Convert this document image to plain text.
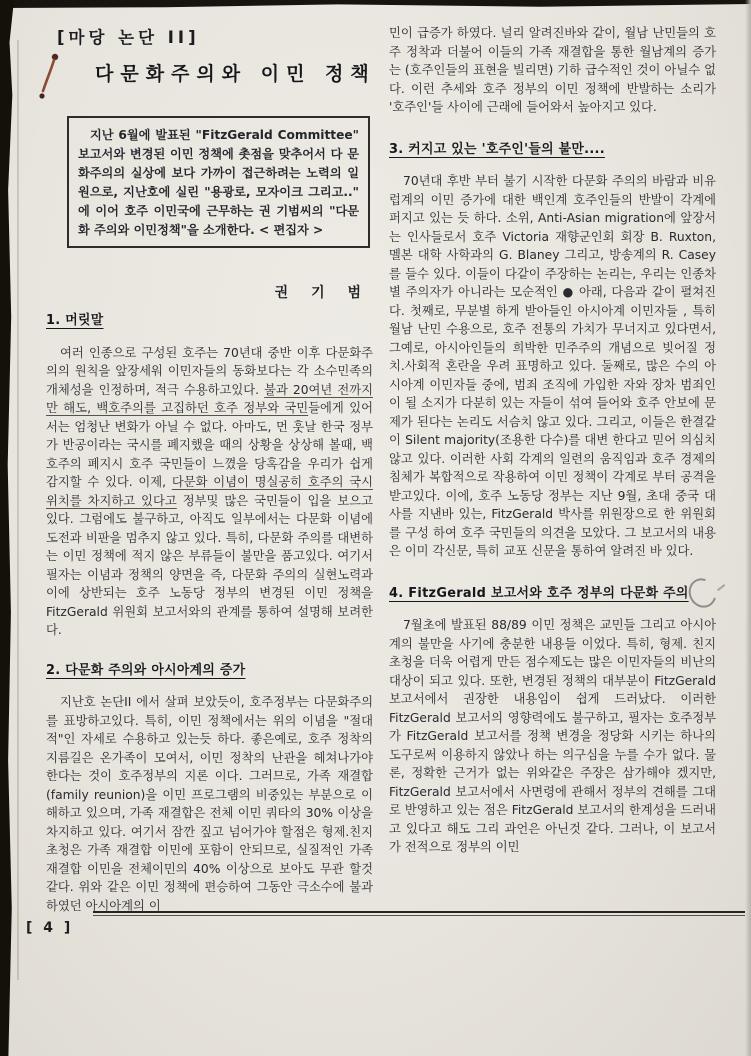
[마당 논단 II]
다문화주의와 이민 정책

지난 6월에 발표된 "FitzGerald Committee" 보고서와 변경된 이민 정책에 촛점을 맞추어서 다 문화주의의 실상에 보다 가까이 접근하려는 노력의 일원으로, 지난호에 실린 "용광로, 모자이크 그리고.." 에 이어 호주 이민국에 근무하는 권 기범씨의 "다문화 주의와 이민정책"을 소개한다. < 편집자 >

권 기 범
1. 머릿말

여러 인종으로 구성된 호주는 70년대 중반 이후 다문화주의의 원칙을 앞장세워 이민자들의 동화보다는 각 소수민족의 개체성을 인정하며, 적극 수용하고있다. 불과 20여년 전까지만 해도, 백호주의를 고집하던 호주 정부와 국민들에게 있어서는 엄청난 변화가 아닐 수 없다. 아마도, 먼 훗날 한국 정부가 반공이라는 국시를 폐지했을 때의 상황을 상상해 볼때, 백호주의 폐지시 호주 국민들이 느꼈을 당혹감을 우리가 쉽게 감지할 수 있다. 이제, 다문화 이념이 명실공히 호주의 국시 위치를 차지하고 있다고 정부및 많은 국민들이 입을 보으고 있다. 그럼에도 불구하고, 아직도 일부에서는 다문화 이념에 도전과 비판을 멈추지 않고 있다. 특히, 다문화 주의를 대변하는 이민 정책에 적지 않은 부류들이 불만을 품고있다. 여기서 필자는 이념과 정책의 양면을 즉, 다문화 주의의 실현노력과 이에 상반되는 호주 노동당 정부의 변경된 이민 정책을 FitzGerald 위원회 보고서와의 관계를 통하여 설명해 보려한다.

2. 다문화 주의와 아시아계의 증가

지난호 논단II 에서 살펴 보았듯이, 호주정부는 다문화주의를 표방하고있다. 특히, 이민 정책에서는 위의 이념을 "절대적"인 자세로 수용하고 있는듯 하다. 좋은예로, 호주 정착의 지름길은 온가족이 모여서, 이민 정착의 난관을 헤쳐나가야 한다는 것이 호주정부의 지론 이다. 그러므로, 가족 재결합(family reunion)을 이민 프로그램의 비중있는 부분으로 이해하고 있으며, 가족 재결합은 전체 이민 쿼타의 30% 이상을 차지하고 있다. 여기서 잠깐 짚고 넘어가야 할점은 형제.친지 초청은 가족 재결합 이민에 포함이 안되므로, 실질적인 가족 재결합 이민을 전체이민의 40% 이상으로 보아도 무관 할것 같다. 위와 같은 이민 정책에 편승하여 그동안 극소수에 불과하였던 아시아계의 이

민이 급증가 하였다. 널리 알려진바와 같이, 월남 난민들의 호주 정착과 더불어 이들의 가족 재결합을 통한 월남계의 증가는 (호주인들의 표현을 빌리면) 기하 급수적인 것이 아닐수 없다. 이런 추세와 호주 정부의 이민 정책에 반발하는 소리가 '호주인'들 사이에 근래에 들어와서 높아지고 있다.

3. 커지고 있는 '호주인'들의 불만....

70년대 후반 부터 불기 시작한 다문화 주의의 바람과 비유럽계의 이민 증가에 대한 백인계 호주인들의 반발이 각계에 퍼지고 있는 듯 하다. 소위, Anti-Asian migration에 앞장서는 인사들로서 호주 Victoria 재향군인회 회장 B. Ruxton, 멜본 대학 사학과의 G. Blaney 그리고, 방송계의 R. Casey 를 들수 있다. 이들이 다같이 주장하는 논리는, 우리는 인종차별 주의자가 아니라는 모순적인 ● 아래, 다음과 같이 펼쳐진다. 첫째로, 무분별 하게 받아들인 아시아계 이민자들 , 특히 월남 난민 수용으로, 호주 전통의 가치가 무너지고 있다면서, 그예로, 아시아인들의 희박한 민주주의 개념으로 빚어질 정치.사회적 혼란을 우려 표명하고 있다. 둘째로, 많은 수의 아시아계 이민자들 중에, 범죄 조직에 가입한 자와 장차 범죄인이 될 소지가 다분히 있는 자들이 섞여 들어와 호주 안보에 문제가 된다는 논리도 서슴치 않고 있다. 그리고, 이들은 한결같이 Silent majority(조용한 다수)를 대변 한다고 믿어 의심치 않고 있다. 이러한 사회 각계의 일련의 움직임과 호주 경제의 침체가 복합적으로 작용하여 이민 정책이 각계로 부터 공격을 받고있다. 이에, 호주 노동당 정부는 지난 9월, 초대 중국 대사를 지낸바 있는, FitzGerald 박사를 위원장으로 한 위원회를 구성 하여 호주 국민들의 의견을 모았다. 그 보고서의 내용은 이미 각신문, 특히 교포 신문을 통하여 알려진 바 있다.

4. FitzGerald 보고서와 호주 정부의 다문화 주의

7월초에 발표된 88/89 이민 정책은 교민들 그리고 아시아계의 불만을 사기에 충분한 내용들 이었다. 특히, 형제. 친지 초청을 더욱 어렵게 만든 점수제도는 많은 이민자들의 비난의 대상이 되고 있다. 또한, 변경된 정책의 대부분이 FitzGerald 보고서에서 권장한 내용임이 쉽게 드러났다. 이러한 FitzGerald 보고서의 영향력에도 불구하고, 필자는 호주정부가 FitzGerald 보고서를 정책 변경을 정당화 시키는 하나의 도구로써 이용하지 않았나 하는 의구심을 누를 수가 없다. 물론, 정확한 근거가 없는 위와같은 주장은 삼가해야 겠지만, FitzGerald 보고서에서 사면령에 관해서 정부의 견해를 그대로 반영하고 있는 점은 FitzGerald 보고서의 한계성을 드러내고 있다고 해도 그리 과언은 아닌것 같다. 그러나, 이 보고서가 전적으로 정부의 이민

[ 4 ]
